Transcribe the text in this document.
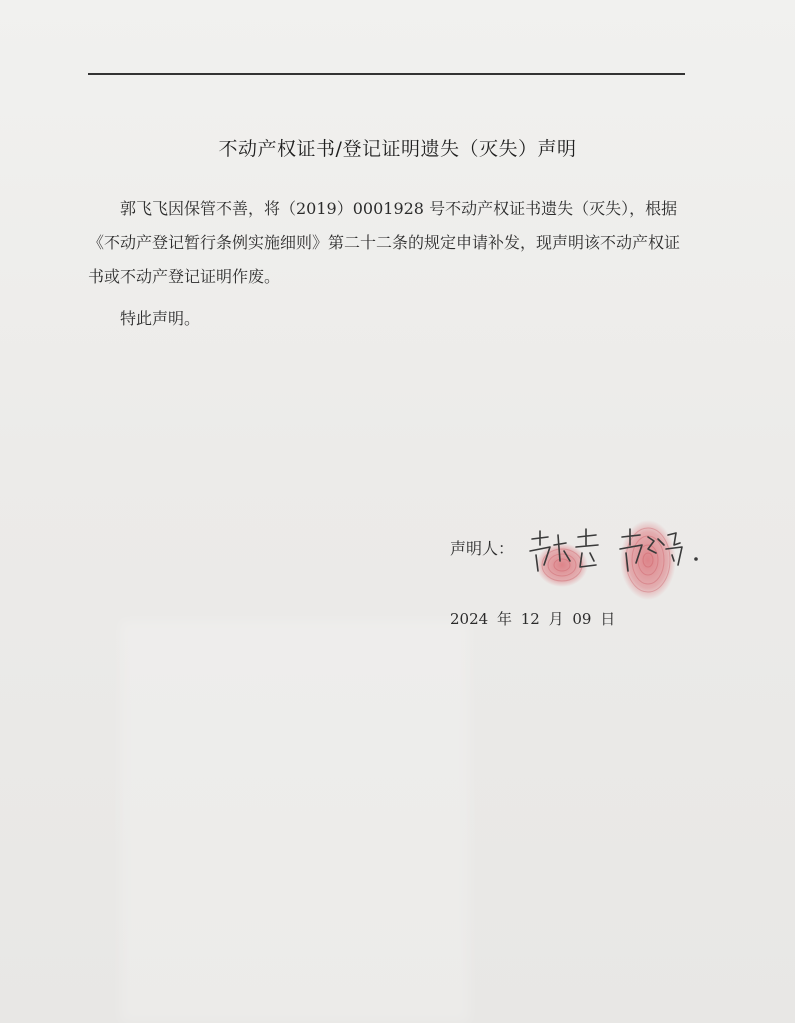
不动产权证书/登记证明遗失（灭失）声明

郭飞飞因保管不善，将（2019）0001928 号不动产权证书遗失（灭失），根据《不动产登记暂行条例实施细则》第二十二条的规定申请补发，现声明该不动产权证书或不动产登记证明作废。

特此声明。

声明人：
2024 年 12 月 09 日
